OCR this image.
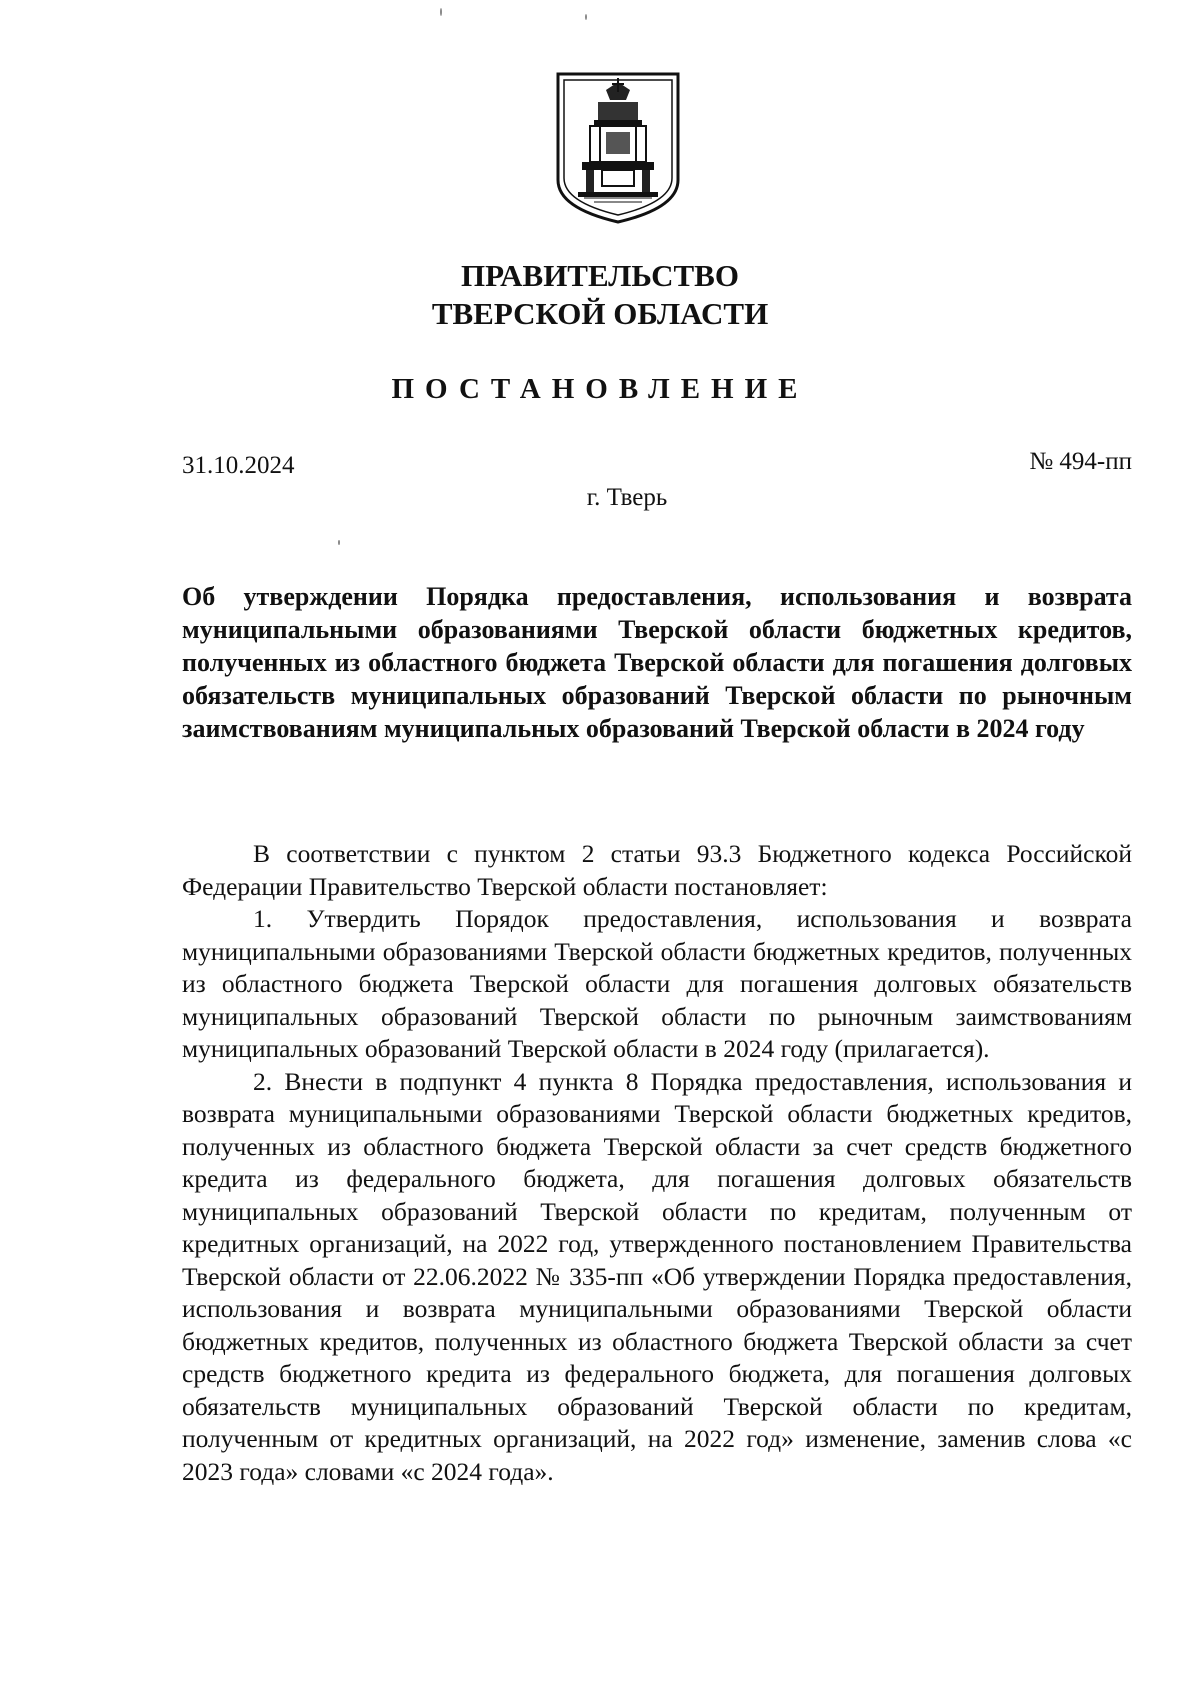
ПРАВИТЕЛЬСТВО
ТВЕРСКОЙ ОБЛАСТИ
ПОСТАНОВЛЕНИЕ
31.10.2024	№ 494-пп
г. Тверь

Об утверждении Порядка предоставления, использования и возврата муниципальными образованиями Тверской области бюджетных кредитов, полученных из областного бюджета Тверской области для погашения долговых обязательств муниципальных образований Тверской области по рыночным заимствованиям муниципальных образований Тверской области в 2024 году

В соответствии с пунктом 2 статьи 93.3 Бюджетного кодекса Российской Федерации Правительство Тверской области постановляет:

1. Утвердить Порядок предоставления, использования и возврата муниципальными образованиями Тверской области бюджетных кредитов, полученных из областного бюджета Тверской области для погашения долговых обязательств муниципальных образований Тверской области по рыночным заимствованиям муниципальных образований Тверской области в 2024 году (прилагается).

2. Внести в подпункт 4 пункта 8 Порядка предоставления, использования и возврата муниципальными образованиями Тверской области бюджетных кредитов, полученных из областного бюджета Тверской области за счет средств бюджетного кредита из федерального бюджета, для погашения долговых обязательств муниципальных образований Тверской области по кредитам, полученным от кредитных организаций, на 2022 год, утвержденного постановлением Правительства Тверской области от 22.06.2022 № 335-пп «Об утверждении Порядка предоставления, использования и возврата муниципальными образованиями Тверской области бюджетных кредитов, полученных из областного бюджета Тверской области за счет средств бюджетного кредита из федерального бюджета, для погашения долговых обязательств муниципальных образований Тверской области по кредитам, полученным от кредитных организаций, на 2022 год» изменение, заменив слова «с 2023 года» словами «с 2024 года».
